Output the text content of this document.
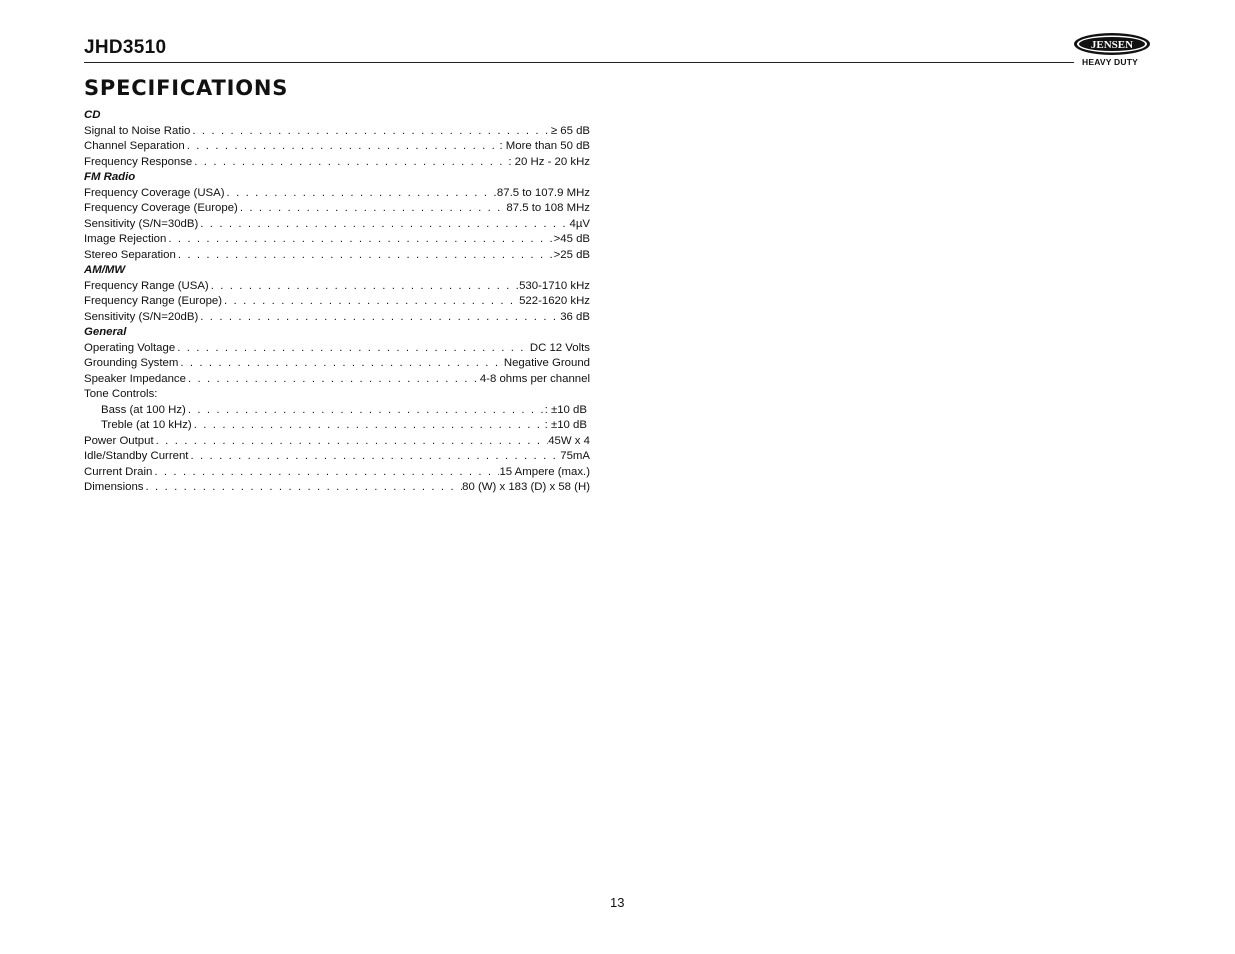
JHD3510	JENSEN
HEAVY DUTY
SPECIFICATIONS
CD
Signal to Noise Ratio . . .	≥ 65 dB
Channel Separation . . .	: More than 50 dB
Frequency Response . . .	: 20 Hz - 20 kHz
FM Radio
Frequency Coverage (USA) . . .	87.5 to 107.9 MHz
Frequency Coverage (Europe) . . .	87.5 to 108 MHz
Sensitivity (S/N=30dB) . . .	4µV
Image Rejection . . .	>45 dB
Stereo Separation . . .	>25 dB
AM/MW
Frequency Range (USA) . . .	530-1710 kHz
Frequency Range (Europe) . . .	522-1620 kHz
Sensitivity (S/N=20dB) . . .	36 dB
General
Operating Voltage . . .	DC 12 Volts
Grounding System . . .	Negative Ground
Speaker Impedance . . .	4-8 ohms per channel
Tone Controls:
Bass (at 100 Hz) . . .	: ±10 dB
Treble (at 10 kHz) . . .	: ±10 dB
Power Output . . .	45W x 4
Idle/Standby Current . . .	75mA
Current Drain . . .	15 Ampere (max.)
Dimensions . . .	80 (W) x 183 (D) x 58 (H)
13
